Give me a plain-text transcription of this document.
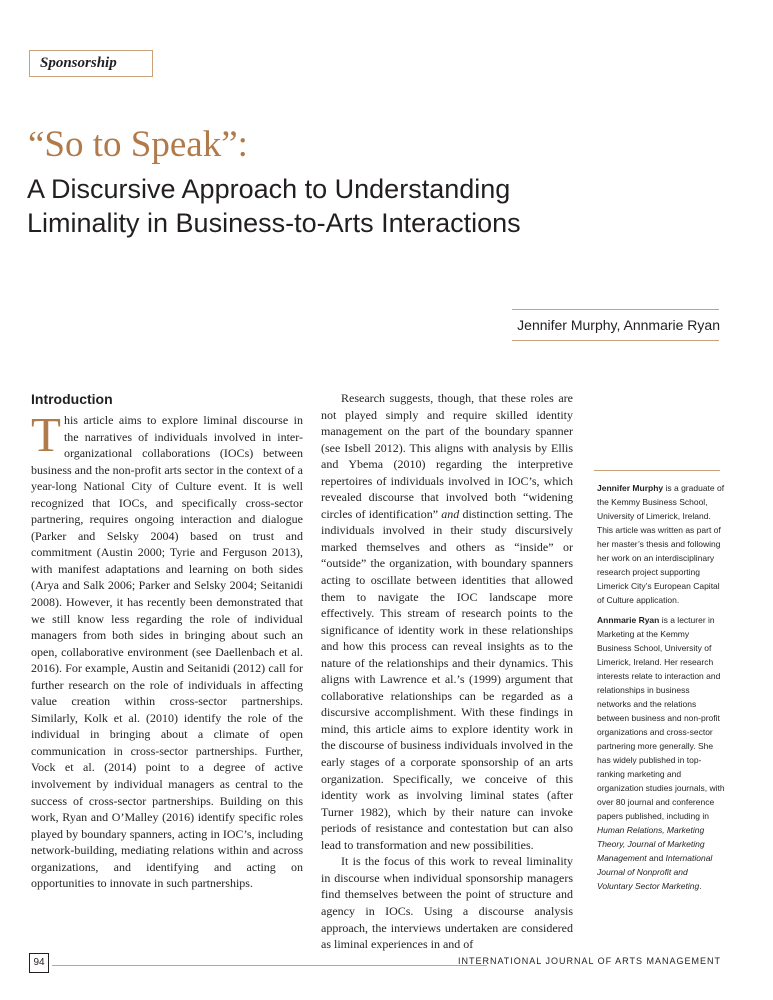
Sponsorship
“So to Speak”:
A Discursive Approach to Understanding Liminality in Business-to-Arts Interactions
Jennifer Murphy, Annmarie Ryan
Introduction

This article aims to explore liminal discourse in the narratives of individuals involved in inter-organizational collaborations (IOCs) between business and the non-profit arts sector in the context of a year-long National City of Culture event. It is well recognized that IOCs, and specifically cross-sector partnering, requires ongoing interaction and dialogue (Parker and Selsky 2004) based on trust and commitment (Austin 2000; Tyrie and Ferguson 2013), with manifest adaptations and learning on both sides (Arya and Salk 2006; Parker and Selsky 2004; Seitanidi 2008). However, it has recently been demonstrated that we still know less regarding the role of individual managers from both sides in bringing about such an open, collaborative environment (see Daellenbach et al. 2016). For example, Austin and Seitanidi (2012) call for further research on the role of individuals in affecting value creation within cross-sector partnerships. Similarly, Kolk et al. (2010) identify the role of the individual in bringing about a climate of open communication in cross-sector partnerships. Further, Vock et al. (2014) point to a degree of active involvement by individual managers as central to the success of cross-sector partnerships. Building on this work, Ryan and O’Malley (2016) identify specific roles played by boundary spanners, acting in IOC’s, including network-building, mediating relations within and across organizations, and identifying and acting on opportunities to innovate in such partnerships.

Research suggests, though, that these roles are not played simply and require skilled identity management on the part of the boundary spanner (see Isbell 2012). This aligns with analysis by Ellis and Ybema (2010) regarding the interpretive repertoires of individuals involved in IOC’s, which revealed discourse that involved both “widening circles of identification” and distinction setting. The individuals involved in their study discursively marked themselves and others as “inside” or “outside” the organization, with boundary spanners acting to oscillate between identities that allowed them to navigate the IOC landscape more effectively. This stream of research points to the significance of identity work in these relationships and how this process can reveal insights as to the nature of the relationships and their dynamics. This aligns with Lawrence et al.’s (1999) argument that collaborative relationships can be regarded as a discursive accomplishment. With these findings in mind, this article aims to explore identity work in the discourse of business individuals involved in the early stages of a corporate sponsorship of an arts organization. Specifically, we conceive of this identity work as involving liminal states (after Turner 1982), which by their nature can invoke periods of resistance and contestation but can also lead to transformation and new possibilities.

It is the focus of this work to reveal liminality in discourse when individual sponsorship managers find themselves between the point of structure and agency in IOCs. Using a discourse analysis approach, the interviews undertaken are considered as liminal experiences in and of

Jennifer Murphy is a graduate of the Kemmy Business School, University of Limerick, Ireland. This article was written as part of her master’s thesis and following her work on an interdisciplinary research project supporting Limerick City’s European Capital of Culture application.

Annmarie Ryan is a lecturer in Marketing at the Kemmy Business School, University of Limerick, Ireland. Her research interests relate to interaction and relationships in business networks and the relations between business and non-profit organizations and cross-sector partnering more generally. She has widely published in top-ranking marketing and organization studies journals, with over 80 journal and conference papers published, including in Human Relations, Marketing Theory, Journal of Marketing Management and International Journal of Nonprofit and Voluntary Sector Marketing.

94	INTERNATIONAL JOURNAL OF ARTS MANAGEMENT
